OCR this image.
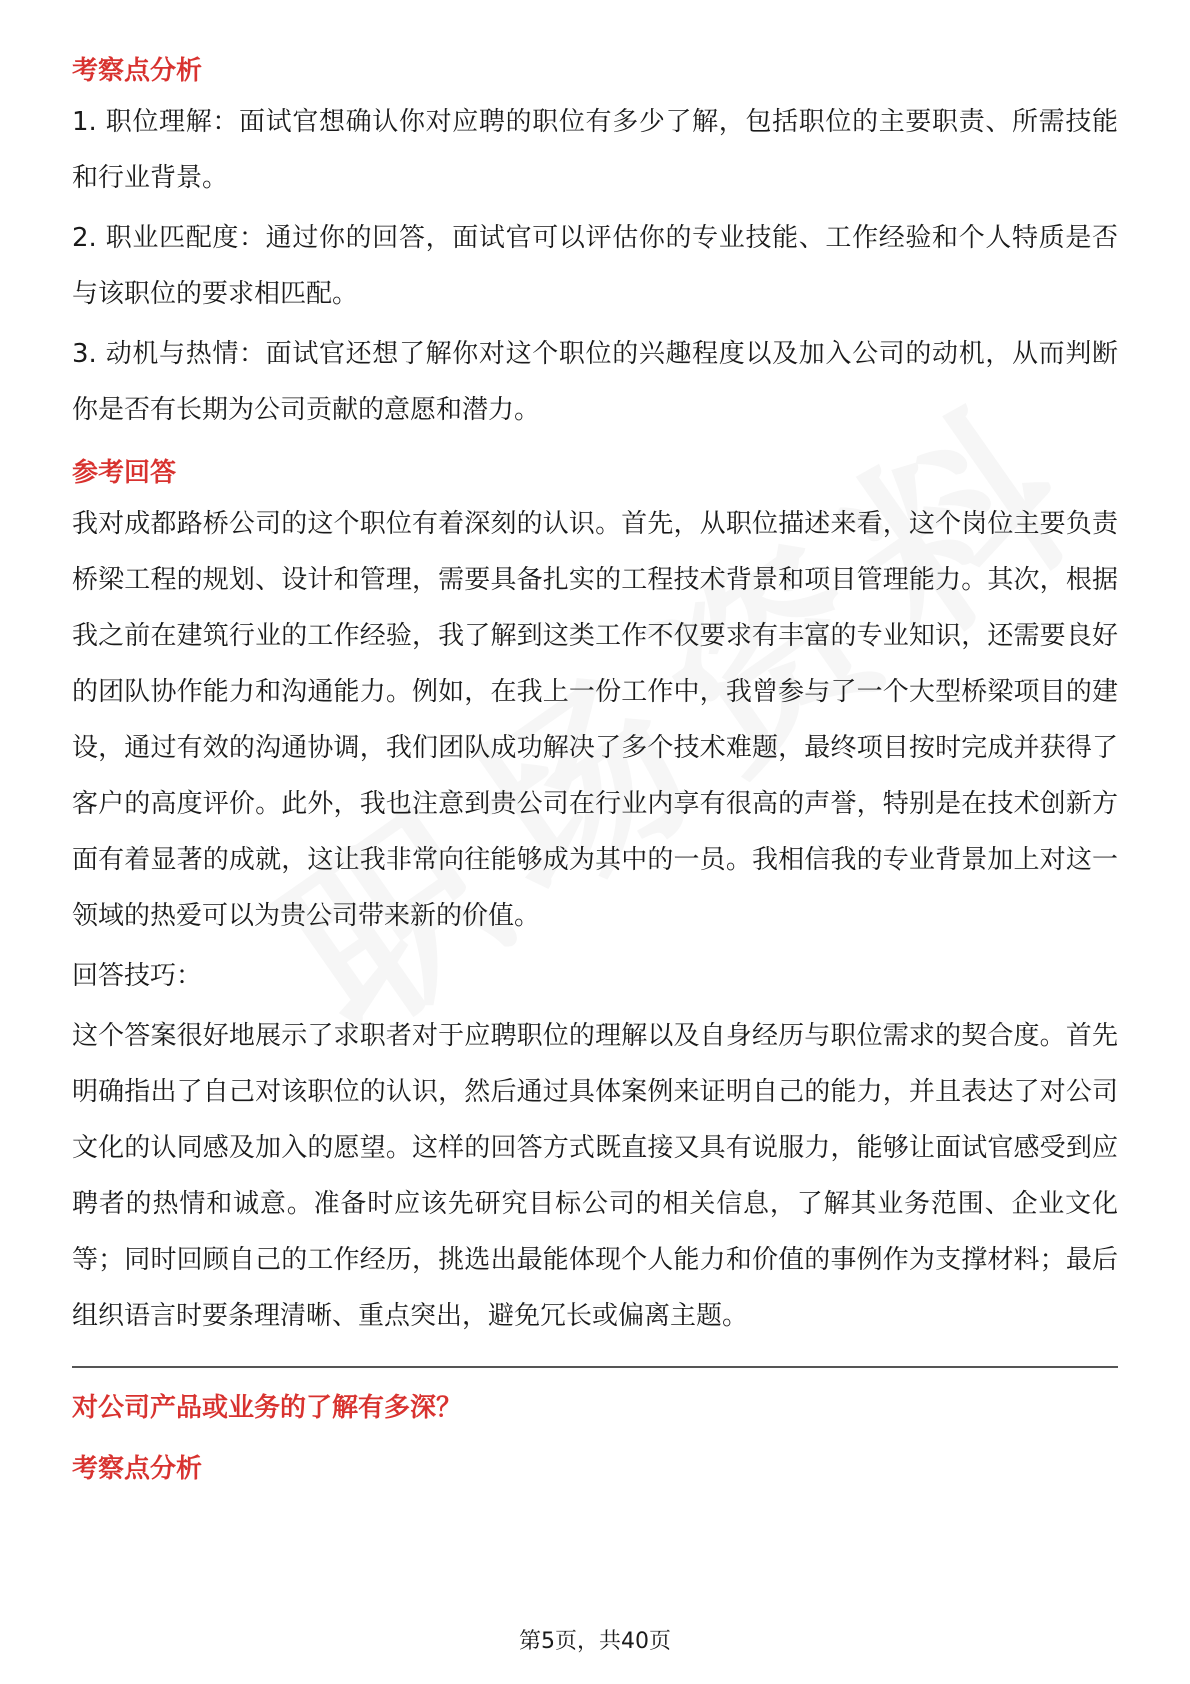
考察点分析

1. 职位理解：面试官想确认你对应聘的职位有多少了解，包括职位的主要职责、所需技能和行业背景。

2. 职业匹配度：通过你的回答，面试官可以评估你的专业技能、工作经验和个人特质是否与该职位的要求相匹配。

3. 动机与热情：面试官还想了解你对这个职位的兴趣程度以及加入公司的动机，从而判断你是否有长期为公司贡献的意愿和潜力。

参考回答

我对成都路桥公司的这个职位有着深刻的认识。首先，从职位描述来看，这个岗位主要负责桥梁工程的规划、设计和管理，需要具备扎实的工程技术背景和项目管理能力。其次，根据我之前在建筑行业的工作经验，我了解到这类工作不仅要求有丰富的专业知识，还需要良好的团队协作能力和沟通能力。例如，在我上一份工作中，我曾参与了一个大型桥梁项目的建设，通过有效的沟通协调，我们团队成功解决了多个技术难题，最终项目按时完成并获得了客户的高度评价。此外，我也注意到贵公司在行业内享有很高的声誉，特别是在技术创新方面有着显著的成就，这让我非常向往能够成为其中的一员。我相信我的专业背景加上对这一领域的热爱可以为贵公司带来新的价值。

回答技巧：

这个答案很好地展示了求职者对于应聘职位的理解以及自身经历与职位需求的契合度。首先明确指出了自己对该职位的认识，然后通过具体案例来证明自己的能力，并且表达了对公司文化的认同感及加入的愿望。这样的回答方式既直接又具有说服力，能够让面试官感受到应聘者的热情和诚意。准备时应该先研究目标公司的相关信息，了解其业务范围、企业文化等；同时回顾自己的工作经历，挑选出最能体现个人能力和价值的事例作为支撑材料；最后组织语言时要条理清晰、重点突出，避免冗长或偏离主题。

对公司产品或业务的了解有多深？
考察点分析
第5页，共40页
